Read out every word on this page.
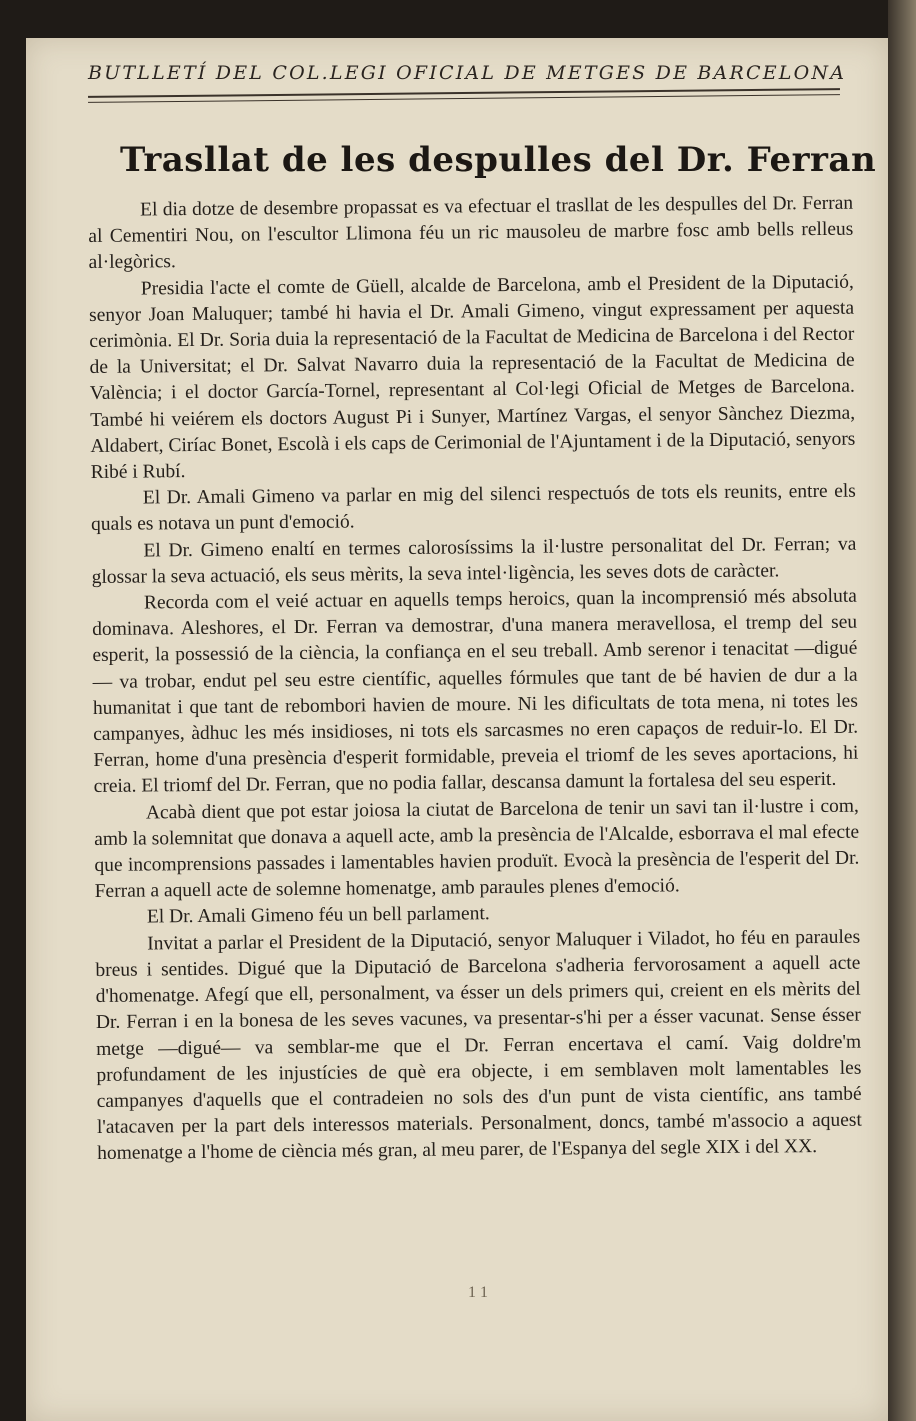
BUTLLETÍ DEL COL.LEGI OFICIAL DE METGES DE BARCELONA
Trasllat de les despulles del Dr. Ferran

El dia dotze de desembre propassat es va efectuar el trasllat de les despulles del Dr. Ferran al Cementiri Nou, on l'escultor Llimona féu un ric mausoleu de marbre fosc amb bells relleus al·legòrics.

Presidia l'acte el comte de Güell, alcalde de Barcelona, amb el President de la Diputació, senyor Joan Maluquer; també hi havia el Dr. Amali Gimeno, vingut expressament per aquesta cerimònia. El Dr. Soria duia la representació de la Facultat de Medicina de Barcelona i del Rector de la Universitat; el Dr. Salvat Navarro duia la representació de la Facultat de Medicina de València; i el doctor García-Tornel, representant al Col·legi Oficial de Metges de Barcelona. També hi veiérem els doctors August Pi i Sunyer, Martínez Vargas, el senyor Sànchez Diezma, Aldabert, Ciríac Bonet, Escolà i els caps de Cerimonial de l'Ajuntament i de la Diputació, senyors Ribé i Rubí.

El Dr. Amali Gimeno va parlar en mig del silenci respectuós de tots els reunits, entre els quals es notava un punt d'emoció.

El Dr. Gimeno enaltí en termes calorosíssims la il·lustre personalitat del Dr. Ferran; va glossar la seva actuació, els seus mèrits, la seva intel·ligència, les seves dots de caràcter.

Recorda com el veié actuar en aquells temps heroics, quan la incomprensió més absoluta dominava. Aleshores, el Dr. Ferran va demostrar, d'una manera meravellosa, el tremp del seu esperit, la possessió de la ciència, la confiança en el seu treball. Amb serenor i tenacitat —digué— va trobar, endut pel seu estre científic, aquelles fórmules que tant de bé havien de dur a la humanitat i que tant de rebombori havien de moure. Ni les dificultats de tota mena, ni totes les campanyes, àdhuc les més insidioses, ni tots els sarcasmes no eren capaços de reduir-lo. El Dr. Ferran, home d'una presència d'esperit formidable, preveia el triomf de les seves aportacions, hi creia. El triomf del Dr. Ferran, que no podia fallar, descansa damunt la fortalesa del seu esperit.

Acabà dient que pot estar joiosa la ciutat de Barcelona de tenir un savi tan il·lustre i com, amb la solemnitat que donava a aquell acte, amb la presència de l'Alcalde, esborrava el mal efecte que incomprensions passades i lamentables havien produït. Evocà la presència de l'esperit del Dr. Ferran a aquell acte de solemne homenatge, amb paraules plenes d'emoció.

El Dr. Amali Gimeno féu un bell parlament.

Invitat a parlar el President de la Diputació, senyor Maluquer i Viladot, ho féu en paraules breus i sentides. Digué que la Diputació de Barcelona s'adheria fervorosament a aquell acte d'homenatge. Afegí que ell, personalment, va ésser un dels primers qui, creient en els mèrits del Dr. Ferran i en la bonesa de les seves vacunes, va presentar-s'hi per a ésser vacunat. Sense ésser metge —digué— va semblar-me que el Dr. Ferran encertava el camí. Vaig doldre'm profundament de les injustícies de què era objecte, i em semblaven molt lamentables les campanyes d'aquells que el contradeien no sols des d'un punt de vista científic, ans també l'atacaven per la part dels interessos materials. Personalment, doncs, també m'associo a aquest homenatge a l'home de ciència més gran, al meu parer, de l'Espanya del segle XIX i del XX.

1 1
